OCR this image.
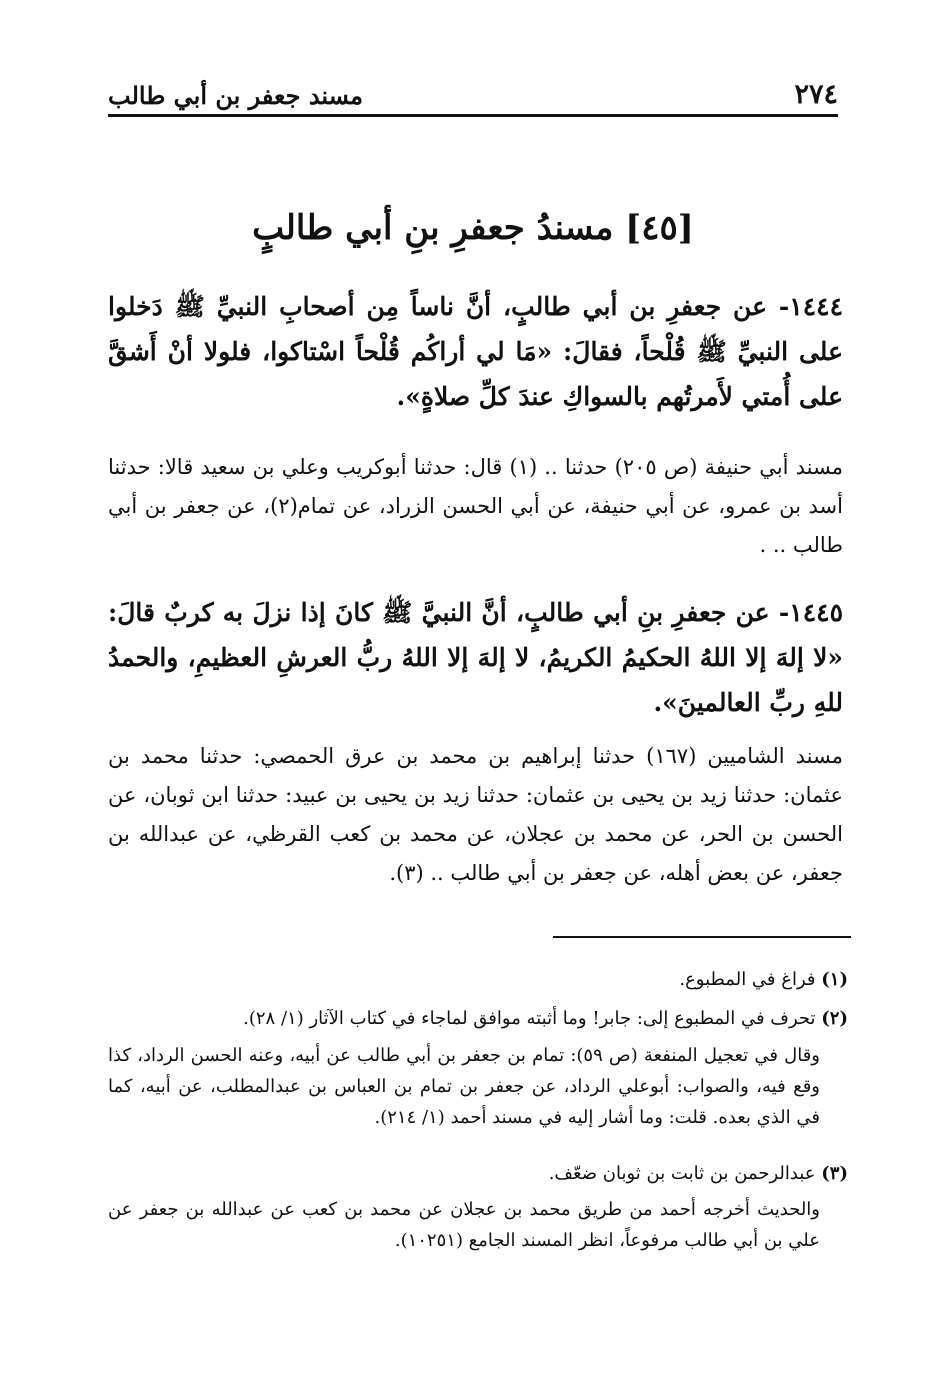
٢٧٤
مسند جعفر بن أبي طالب
[٤٥] مسندُ جعفرِ بنِ أبي طالبٍ

١٤٤٤- عن جعفرِ بن أبي طالبٍ، أنَّ ناساً مِن أصحابِ النبيِّ ﷺ دَخلوا على النبيِّ ﷺ قُلْحاً، فقالَ: «مَا لي أراكُم قُلْحاً اسْتاكوا، فلولا أنْ أَشقَّ على أُمتي لأَمرتُهم بالسواكِ عندَ كلِّ صلاةٍ».

مسند أبي حنيفة (ص ٢٠٥) حدثنا .. (١) قال: حدثنا أبوكريب وعلي بن سعيد قالا: حدثنا أسد بن عمرو، عن أبي حنيفة، عن أبي الحسن الزراد، عن تمام(٢)، عن جعفر بن أبي طالب .. .

١٤٤٥- عن جعفرِ بنِ أبي طالبٍ، أنَّ النبيَّ ﷺ كانَ إذا نزلَ به كربٌ قالَ: «لا إلهَ إلا اللهُ الحكيمُ الكريمُ، لا إلهَ إلا اللهُ ربُّ العرشِ العظيمِ، والحمدُ للهِ ربِّ العالمينَ».

مسند الشاميين (١٦٧) حدثنا إبراهيم بن محمد بن عرق الحمصي: حدثنا محمد بن عثمان: حدثنا زيد بن يحيى بن عثمان: حدثنا زيد بن يحيى بن عبيد: حدثنا ابن ثوبان، عن الحسن بن الحر، عن محمد بن عجلان، عن محمد بن كعب القرظي، عن عبدالله بن جعفر، عن بعض أهله، عن جعفر بن أبي طالب .. (٣).

(١) فراغ في المطبوع.
(٢) تحرف في المطبوع إلى: جابر! وما أثبته موافق لماجاء في كتاب الآثار (١/ ٢٨).
وقال في تعجيل المنفعة (ص ٥٩): تمام بن جعفر بن أبي طالب عن أبيه، وعنه الحسن الرداد، كذا وقع فيه، والصواب: أبوعلي الرداد، عن جعفر بن تمام بن العباس بن عبدالمطلب، عن أبيه، كما في الذي بعده. قلت: وما أشار إليه في مسند أحمد (١/ ٢١٤).
(٣) عبدالرحمن بن ثابت بن ثوبان ضعّف.
والحديث أخرجه أحمد من طريق محمد بن عجلان عن محمد بن كعب عن عبدالله بن جعفر عن علي بن أبي طالب مرفوعاً، انظر المسند الجامع (١٠٢٥١).
